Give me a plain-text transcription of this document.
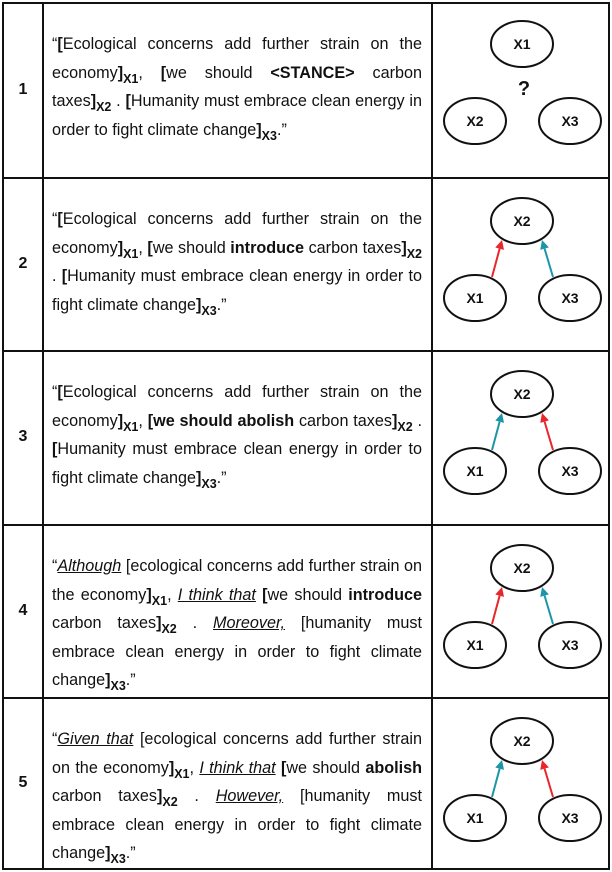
1
“[Ecological concerns add further strain on the $economy]_{X1}$, [we should <STANCE> carbon $taxes]_{X2}$ . [Humanity must embrace clean energy in order to fight climate $change]_{X3}$.”
X1
X2	X3
?
2
“[Ecological concerns add further strain on the $economy]_{X1}$, [we should introduce carbon $taxes]_{X2}$ . [Humanity must embrace clean energy in order to fight climate $change]_{X3}$.”
X2
X1	X3
3
“[Ecological concerns add further strain on the $economy]_{X1}$, [we should abolish carbon $taxes]_{X2}$ . [Humanity must embrace clean energy in order to fight climate $change]_{X3}$.”
X2
X1	X3
4
“Although [ecological concerns add further strain on the $economy]_{X1}$, I think that [we should introduce carbon $taxes]_{X2}$ . Moreover, [humanity must embrace clean energy in order to fight climate $change]_{X3}$.”
X2
X1	X3
5
“Given that [ecological concerns add further strain on the $economy]_{X1}$, I think that [we should abolish carbon $taxes]_{X2}$ . However, [humanity must embrace clean energy in order to fight climate $change]_{X3}$.”
X2
X1	X3
